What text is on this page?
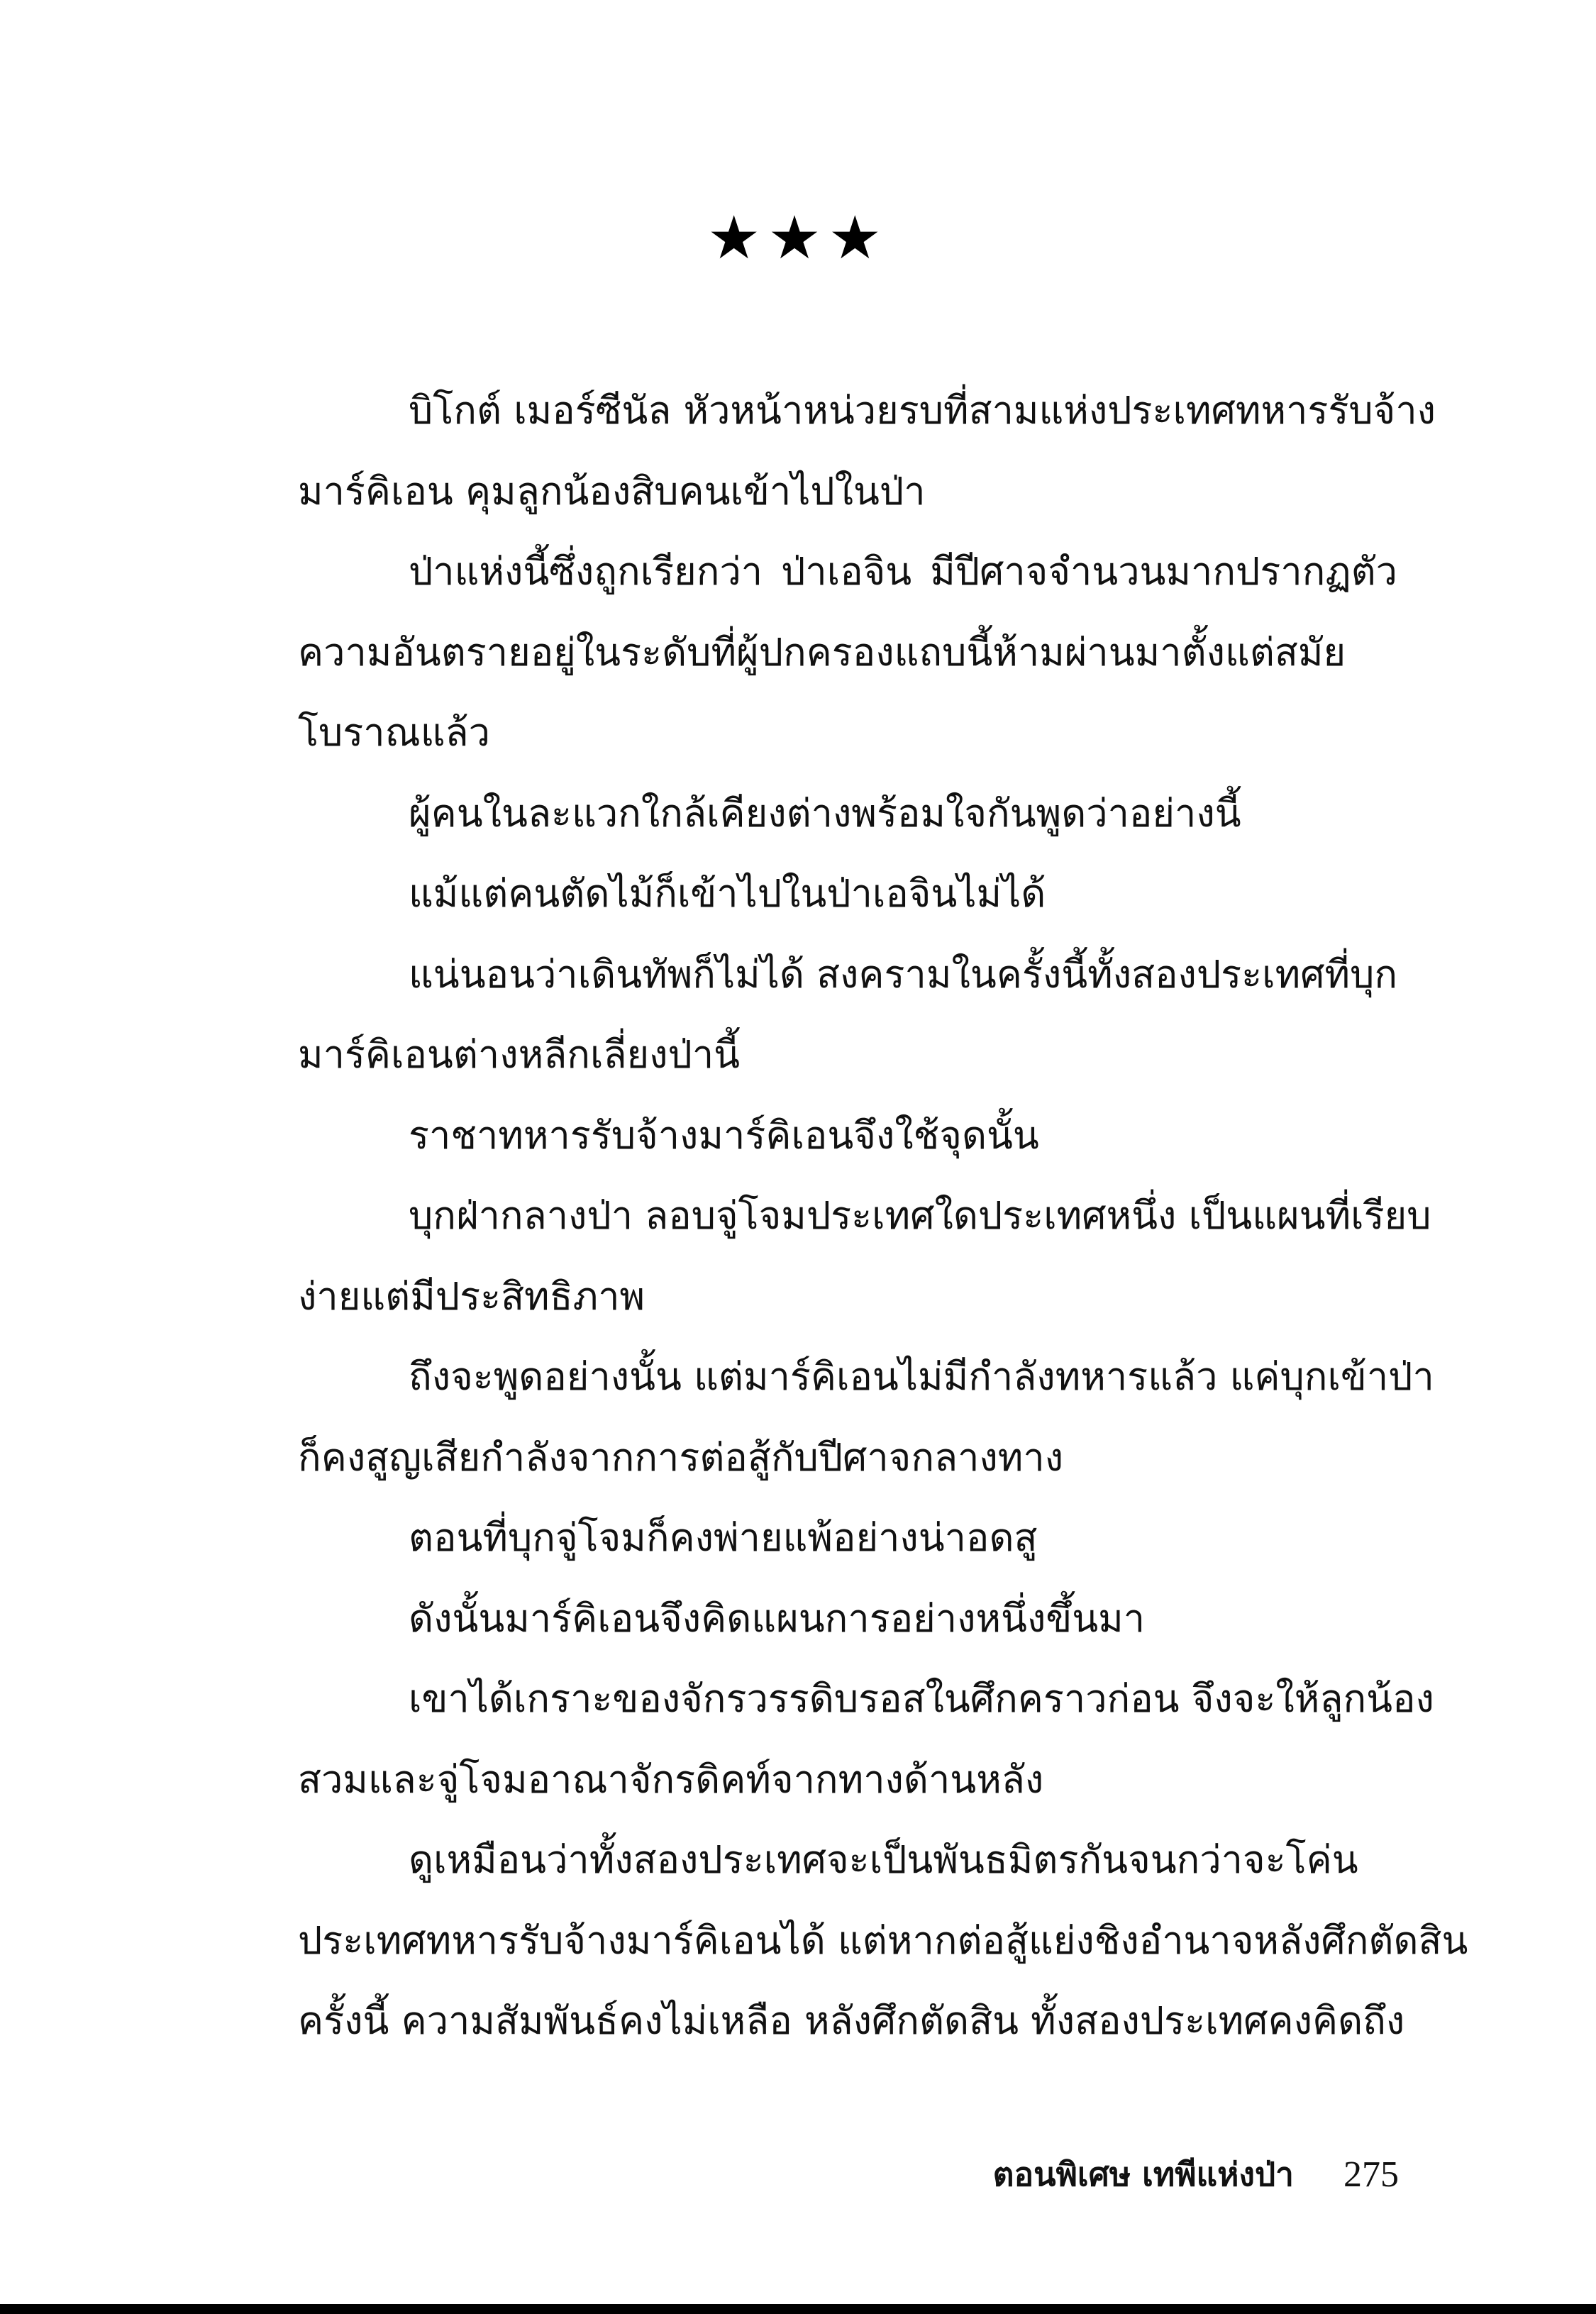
★★★
บิโกต์ เมอร์ซีนัล หัวหน้าหน่วยรบที่สามแห่งประเทศทหารรับจ้าง
มาร์คิเอน คุมลูกน้องสิบคนเข้าไปในป่า
ป่าแห่งนี้ซึ่งถูกเรียกว่า ป่าเอจิน มีปีศาจจำนวนมากปรากฏตัว
ความอันตรายอยู่ในระดับที่ผู้ปกครองแถบนี้ห้ามผ่านมาตั้งแต่สมัย
โบราณแล้ว
ผู้คนในละแวกใกล้เคียงต่างพร้อมใจกันพูดว่าอย่างนี้
แม้แต่คนตัดไม้ก็เข้าไปในป่าเอจินไม่ได้
แน่นอนว่าเดินทัพก็ไม่ได้ สงครามในครั้งนี้ทั้งสองประเทศที่บุก
มาร์คิเอนต่างหลีกเลี่ยงป่านี้
ราชาทหารรับจ้างมาร์คิเอนจึงใช้จุดนั้น
บุกฝ่ากลางป่า ลอบจู่โจมประเทศใดประเทศหนึ่ง เป็นแผนที่เรียบ
ง่ายแต่มีประสิทธิภาพ
ถึงจะพูดอย่างนั้น แต่มาร์คิเอนไม่มีกำลังทหารแล้ว แค่บุกเข้าป่า
ก็คงสูญเสียกำลังจากการต่อสู้กับปีศาจกลางทาง
ตอนที่บุกจู่โจมก็คงพ่ายแพ้อย่างน่าอดสู
ดังนั้นมาร์คิเอนจึงคิดแผนการอย่างหนึ่งขึ้นมา
เขาได้เกราะของจักรวรรดิบรอสในศึกคราวก่อน จึงจะให้ลูกน้อง
สวมและจู่โจมอาณาจักรดิคท์จากทางด้านหลัง
ดูเหมือนว่าทั้งสองประเทศจะเป็นพันธมิตรกันจนกว่าจะโค่น
ประเทศทหารรับจ้างมาร์คิเอนได้ แต่หากต่อสู้แย่งชิงอำนาจหลังศึกตัดสิน
ครั้งนี้ ความสัมพันธ์คงไม่เหลือ หลังศึกตัดสิน ทั้งสองประเทศคงคิดถึง
ตอนพิเศษ เทพีแห่งป่า 275
